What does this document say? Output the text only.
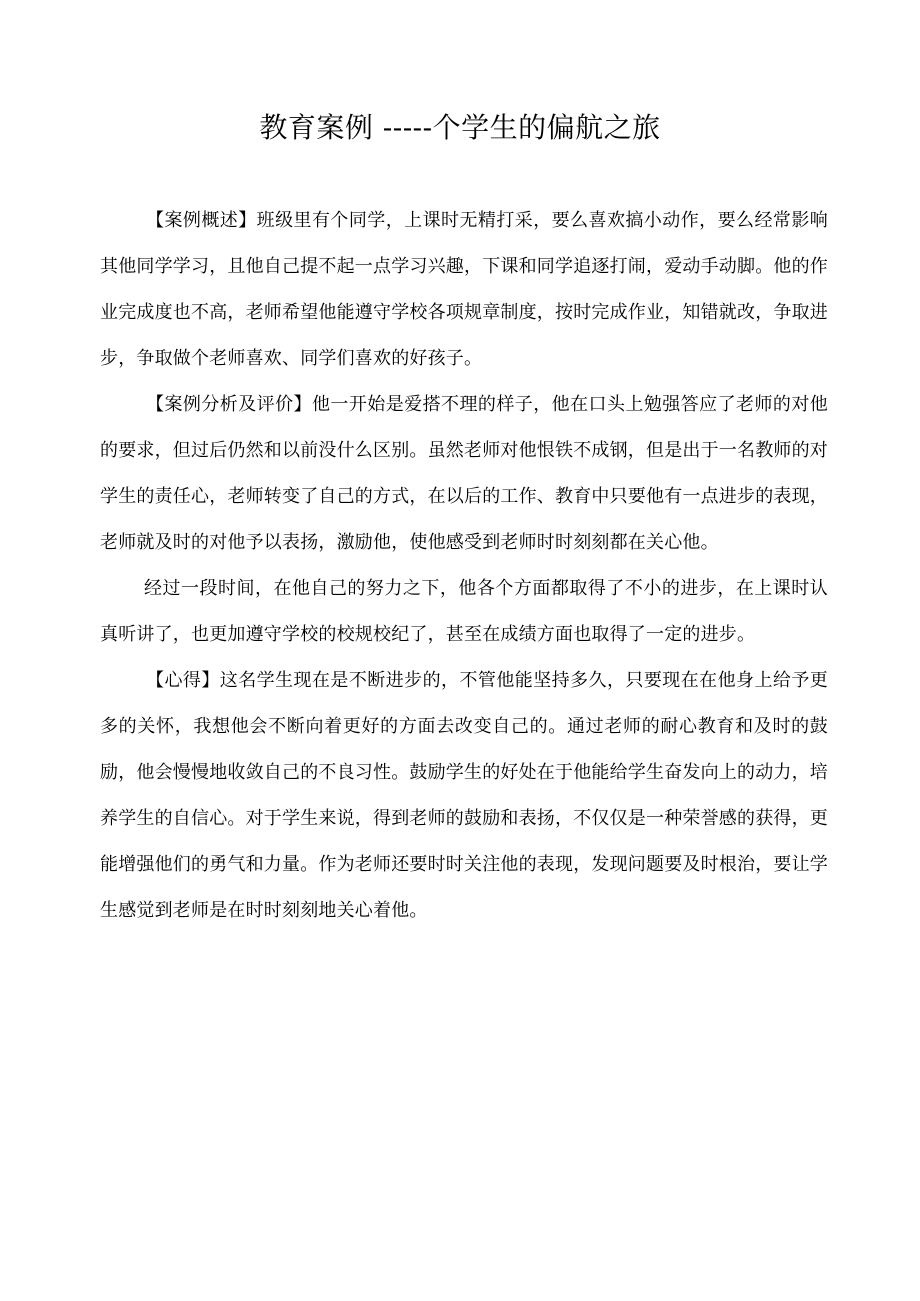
教育案例 -----个学生的偏航之旅

【案例概述】班级里有个同学，上课时无精打采，要么喜欢搞小动作，要么经常影响其他同学学习，且他自己提不起一点学习兴趣，下课和同学追逐打闹，爱动手动脚。他的作业完成度也不高，老师希望他能遵守学校各项规章制度，按时完成作业，知错就改，争取进步，争取做个老师喜欢、同学们喜欢的好孩子。

【案例分析及评价】他一开始是爱搭不理的样子，他在口头上勉强答应了老师的对他的要求，但过后仍然和以前没什么区别。虽然老师对他恨铁不成钢，但是出于一名教师的对学生的责任心，老师转变了自己的方式，在以后的工作、教育中只要他有一点进步的表现，老师就及时的对他予以表扬，激励他，使他感受到老师时时刻刻都在关心他。

经过一段时间，在他自己的努力之下，他各个方面都取得了不小的进步，在上课时认真听讲了，也更加遵守学校的校规校纪了，甚至在成绩方面也取得了一定的进步。

【心得】这名学生现在是不断进步的，不管他能坚持多久，只要现在在他身上给予更多的关怀，我想他会不断向着更好的方面去改变自己的。通过老师的耐心教育和及时的鼓励，他会慢慢地收敛自己的不良习性。鼓励学生的好处在于他能给学生奋发向上的动力，培养学生的自信心。对于学生来说，得到老师的鼓励和表扬，不仅仅是一种荣誉感的获得，更能增强他们的勇气和力量。作为老师还要时时关注他的表现，发现问题要及时根治，要让学生感觉到老师是在时时刻刻地关心着他。
